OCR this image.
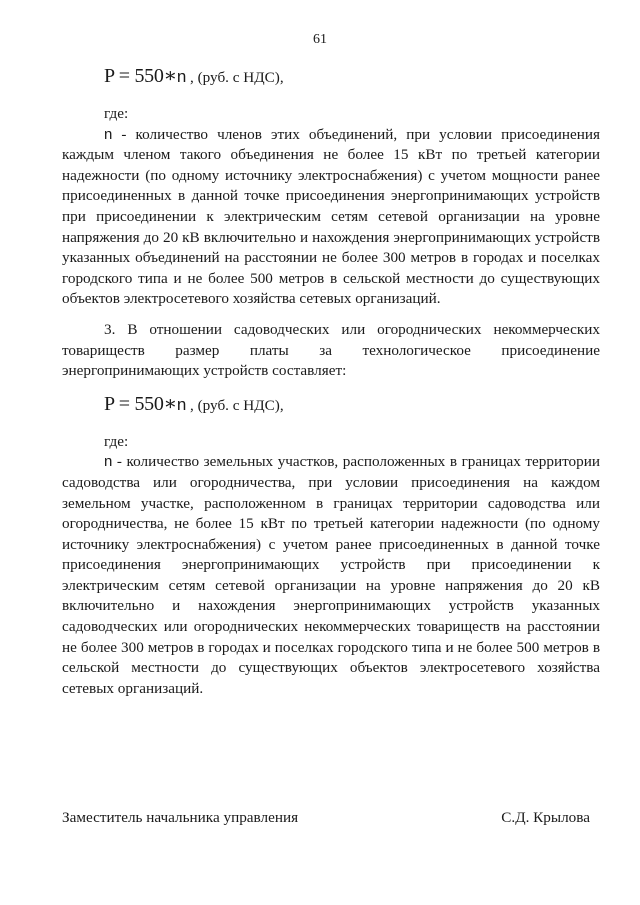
61
P = 550∗n , (руб. с НДС),
где:

n - количество членов этих объединений, при условии присоединения каждым членом такого объединения не более 15 кВт по третьей категории надежности (по одному источнику электроснабжения) с учетом мощности ранее присоединенных в данной точке присоединения энергопринимающих устройств при присоединении к электрическим сетям сетевой организации на уровне напряжения до 20 кВ включительно и нахождения энергопринимающих устройств указанных объединений на расстоянии не более 300 метров в городах и поселках городского типа и не более 500 метров в сельской местности до существующих объектов электросетевого хозяйства сетевых организаций.

3. В отношении садоводческих или огороднических некоммерческих товариществ размер платы за технологическое присоединение энергопринимающих устройств составляет:

P = 550∗n , (руб. с НДС),
где:

n - количество земельных участков, расположенных в границах территории садоводства или огородничества, при условии присоединения на каждом земельном участке, расположенном в границах территории садоводства или огородничества, не более 15 кВт по третьей категории надежности (по одному источнику электроснабжения) с учетом ранее присоединенных в данной точке присоединения энергопринимающих устройств при присоединении к электрическим сетям сетевой организации на уровне напряжения до 20 кВ включительно и нахождения энергопринимающих устройств указанных садоводческих или огороднических некоммерческих товариществ на расстоянии не более 300 метров в городах и поселках городского типа и не более 500 метров в сельской местности до существующих объектов электросетевого хозяйства сетевых организаций.

Заместитель начальника управления	С.Д. Крылова
